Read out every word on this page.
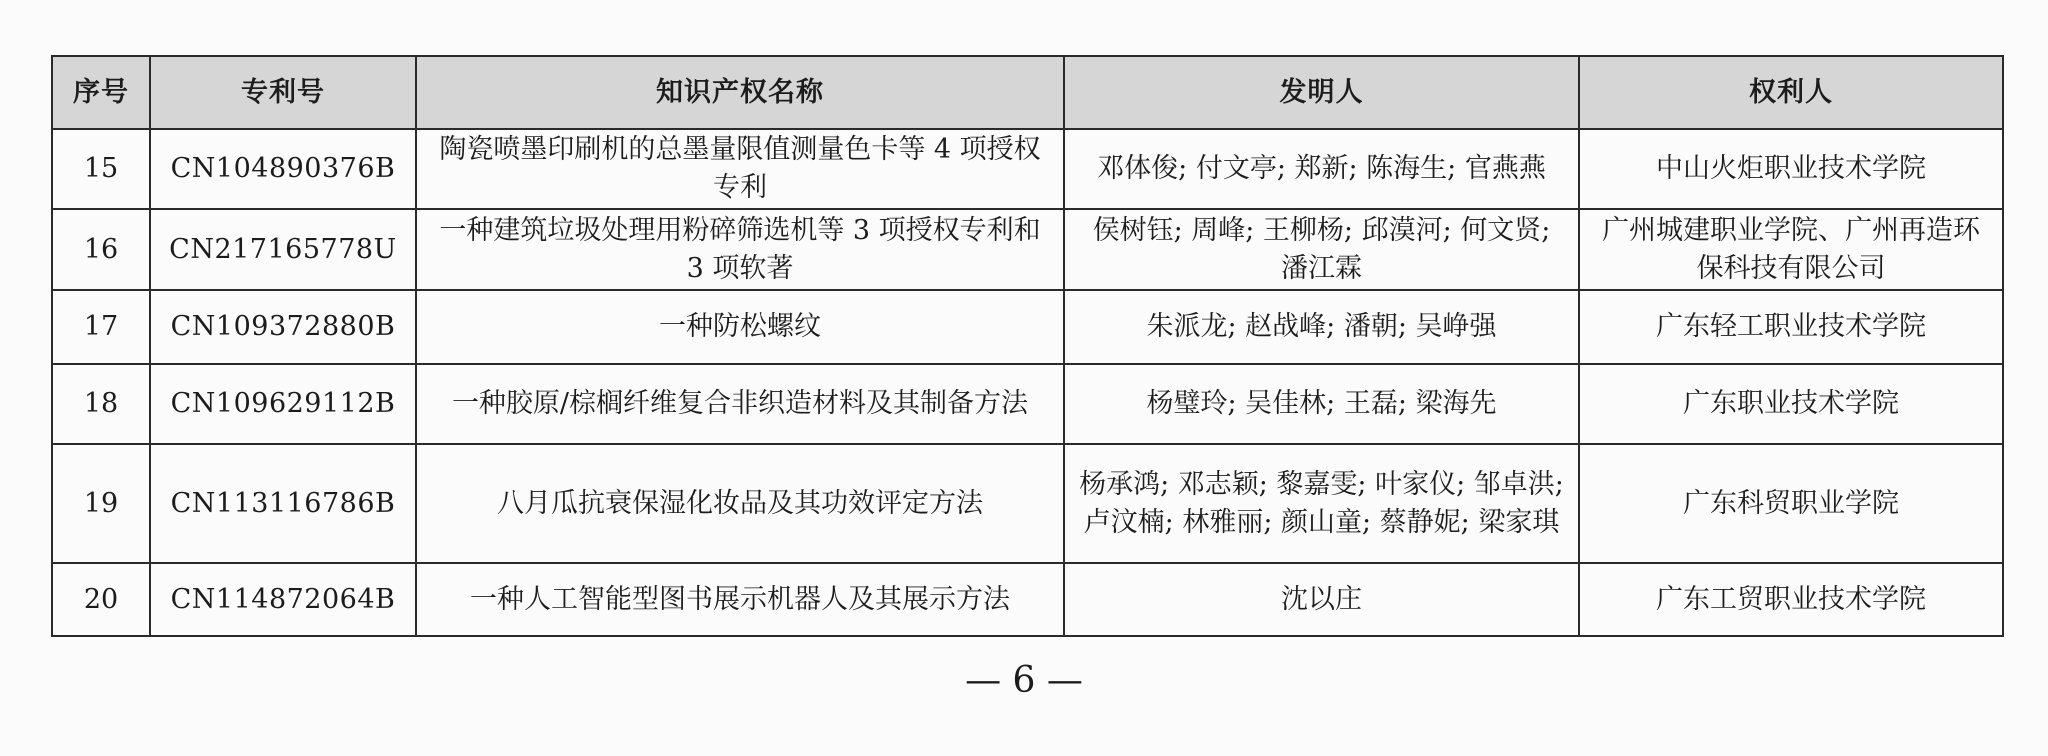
序号	专利号	知识产权名称	发明人	权利人
15	CN104890376B	陶瓷喷墨印刷机的总墨量限值测量色卡等 4 项授权专利	邓体俊; 付文亭; 郑新; 陈海生; 官燕燕	中山火炬职业技术学院
16	CN217165778U	一种建筑垃圾处理用粉碎筛选机等 3 项授权专利和 3 项软著	侯树钰; 周峰; 王柳杨; 邱漠河; 何文贤; 潘江霖	广州城建职业学院、广州再造环保科技有限公司
17	CN109372880B	一种防松螺纹	朱派龙; 赵战峰; 潘朝; 吴峥强	广东轻工职业技术学院
18	CN109629112B	一种胶原/棕榈纤维复合非织造材料及其制备方法	杨璧玲; 吴佳林; 王磊; 梁海先	广东职业技术学院
19	CN113116786B	八月瓜抗衰保湿化妆品及其功效评定方法	杨承鸿; 邓志颖; 黎嘉雯; 叶家仪; 邹卓洪; 卢汶楠; 林雅丽; 颜山童; 蔡静妮; 梁家琪	广东科贸职业学院
20	CN114872064B	一种人工智能型图书展示机器人及其展示方法	沈以庄	广东工贸职业技术学院
— 6 —
